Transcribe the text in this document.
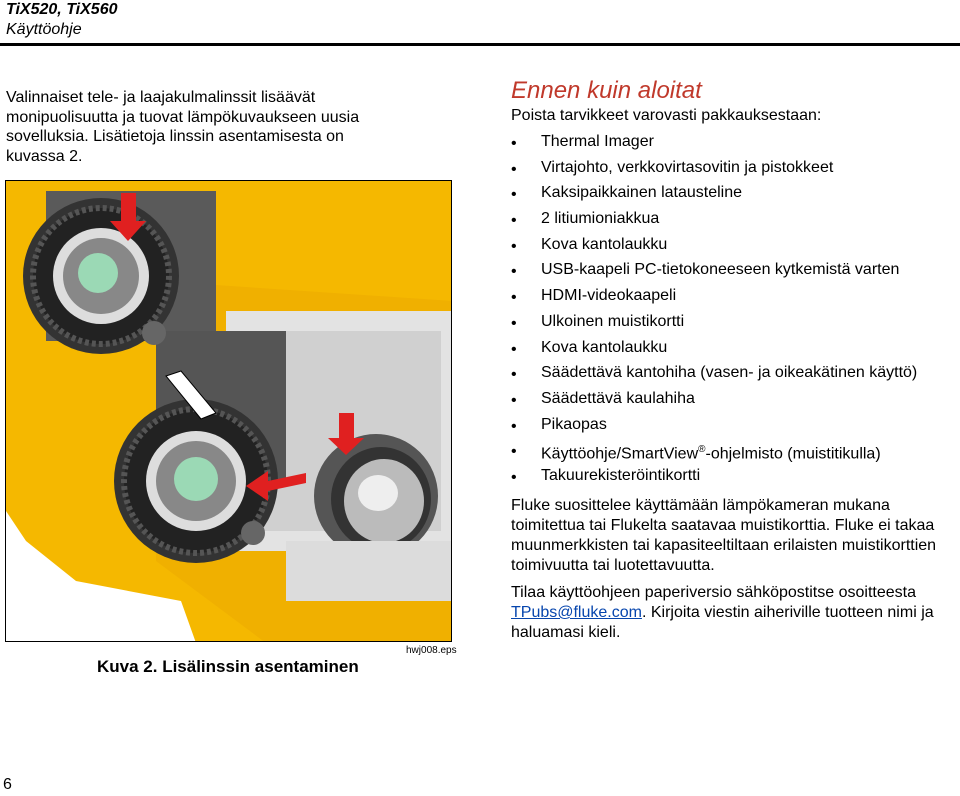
TiX520, TiX560
Käyttöohje
Valinnaiset tele- ja laajakulmalinssit lisäävät monipuolisuutta ja tuovat lämpökuvaukseen uusia sovelluksia. Lisätietoja linssin asentamisesta on kuvassa 2.
hwj008.eps
Kuva 2. Lisälinssin asentaminen
Ennen kuin aloitat
Poista tarvikkeet varovasti pakkauksestaan:
• Thermal Imager
• Virtajohto, verkkovirtasovitin ja pistokkeet
• Kaksipaikkainen latausteline
• 2 litiumioniakkua
• Kova kantolaukku
• USB-kaapeli PC-tietokoneeseen kytkemistä varten
• HDMI-videokaapeli
• Ulkoinen muistikortti
• Kova kantolaukku
• Säädettävä kantohiha (vasen- ja oikeakätinen käyttö)
• Säädettävä kaulahiha
• Pikaopas
• Käyttöohje/SmartView®-ohjelmisto (muistitikulla)
• Takuurekisteröintikortti
Fluke suosittelee käyttämään lämpökameran mukana toimitettua tai Flukelta saatavaa muistikorttia. Fluke ei takaa muunmerkkisten tai kapasiteeltiltaan erilaisten muistikorttien toimivuutta tai luotettavuutta.
Tilaa käyttöohjeen paperiversio sähköpostitse osoitteesta TPubs@fluke.com. Kirjoita viestin aiheriville tuotteen nimi ja haluamasi kieli.
6
